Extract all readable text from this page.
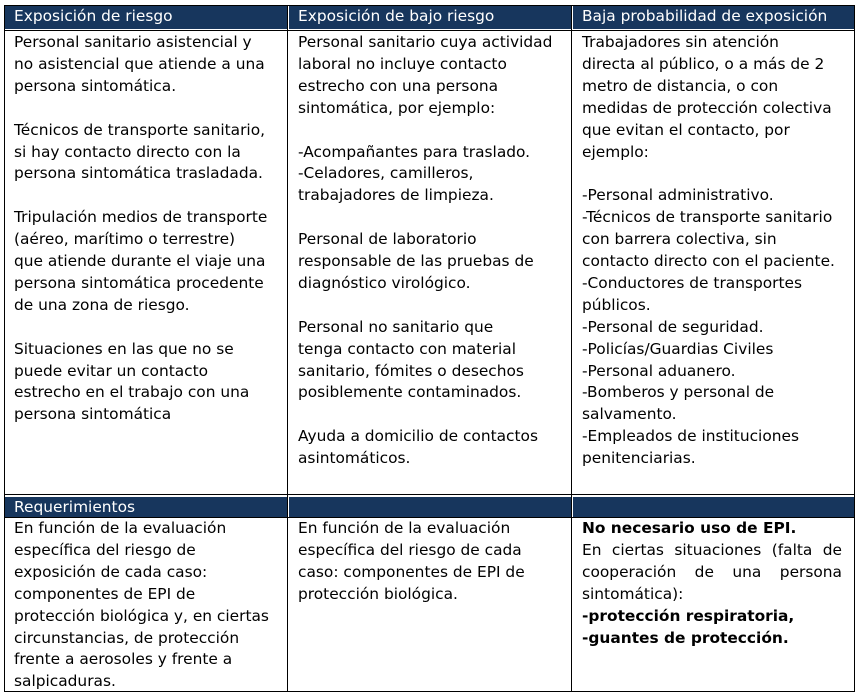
Exposición de riesgo	Exposición de bajo riesgo	Baja probabilidad de exposición
Personal sanitario asistencial y
no asistencial que atiende a una
persona sintomática.
Técnicos de transporte sanitario,
si hay contacto directo con la
persona sintomática trasladada.
Tripulación medios de transporte
(aéreo, marítimo o terrestre)
que atiende durante el viaje una
persona sintomática procedente
de una zona de riesgo.
Situaciones en las que no se
puede evitar un contacto
estrecho en el trabajo con una
persona sintomática
Personal sanitario cuya actividad
laboral no incluye contacto
estrecho con una persona
sintomática, por ejemplo:
-Acompañantes para traslado.
-Celadores, camilleros,
trabajadores de limpieza.
Personal de laboratorio
responsable de las pruebas de
diagnóstico virológico.
Personal no sanitario que
tenga contacto con material
sanitario, fómites o desechos
posiblemente contaminados.
Ayuda a domicilio de contactos
asintomáticos.
Trabajadores sin atención
directa al público, o a más de 2
metro de distancia, o con
medidas de protección colectiva
que evitan el contacto, por
ejemplo:
-Personal administrativo.
-Técnicos de transporte sanitario
con barrera colectiva, sin
contacto directo con el paciente.
-Conductores de transportes
públicos.
-Personal de seguridad.
-Policías/Guardias Civiles
-Personal aduanero.
-Bomberos y personal de
salvamento.
-Empleados de instituciones
penitenciarias.
Requerimientos
En función de la evaluación
específica del riesgo de
exposición de cada caso:
componentes de EPI de
protección biológica y, en ciertas
circunstancias, de protección
frente a aerosoles y frente a
salpicaduras.
En función de la evaluación
específica del riesgo de cada
caso: componentes de EPI de
protección biológica.
No necesario uso de EPI.
En ciertas situaciones (falta de
cooperación de una persona
sintomática):
-protección respiratoria,
-guantes de protección.
